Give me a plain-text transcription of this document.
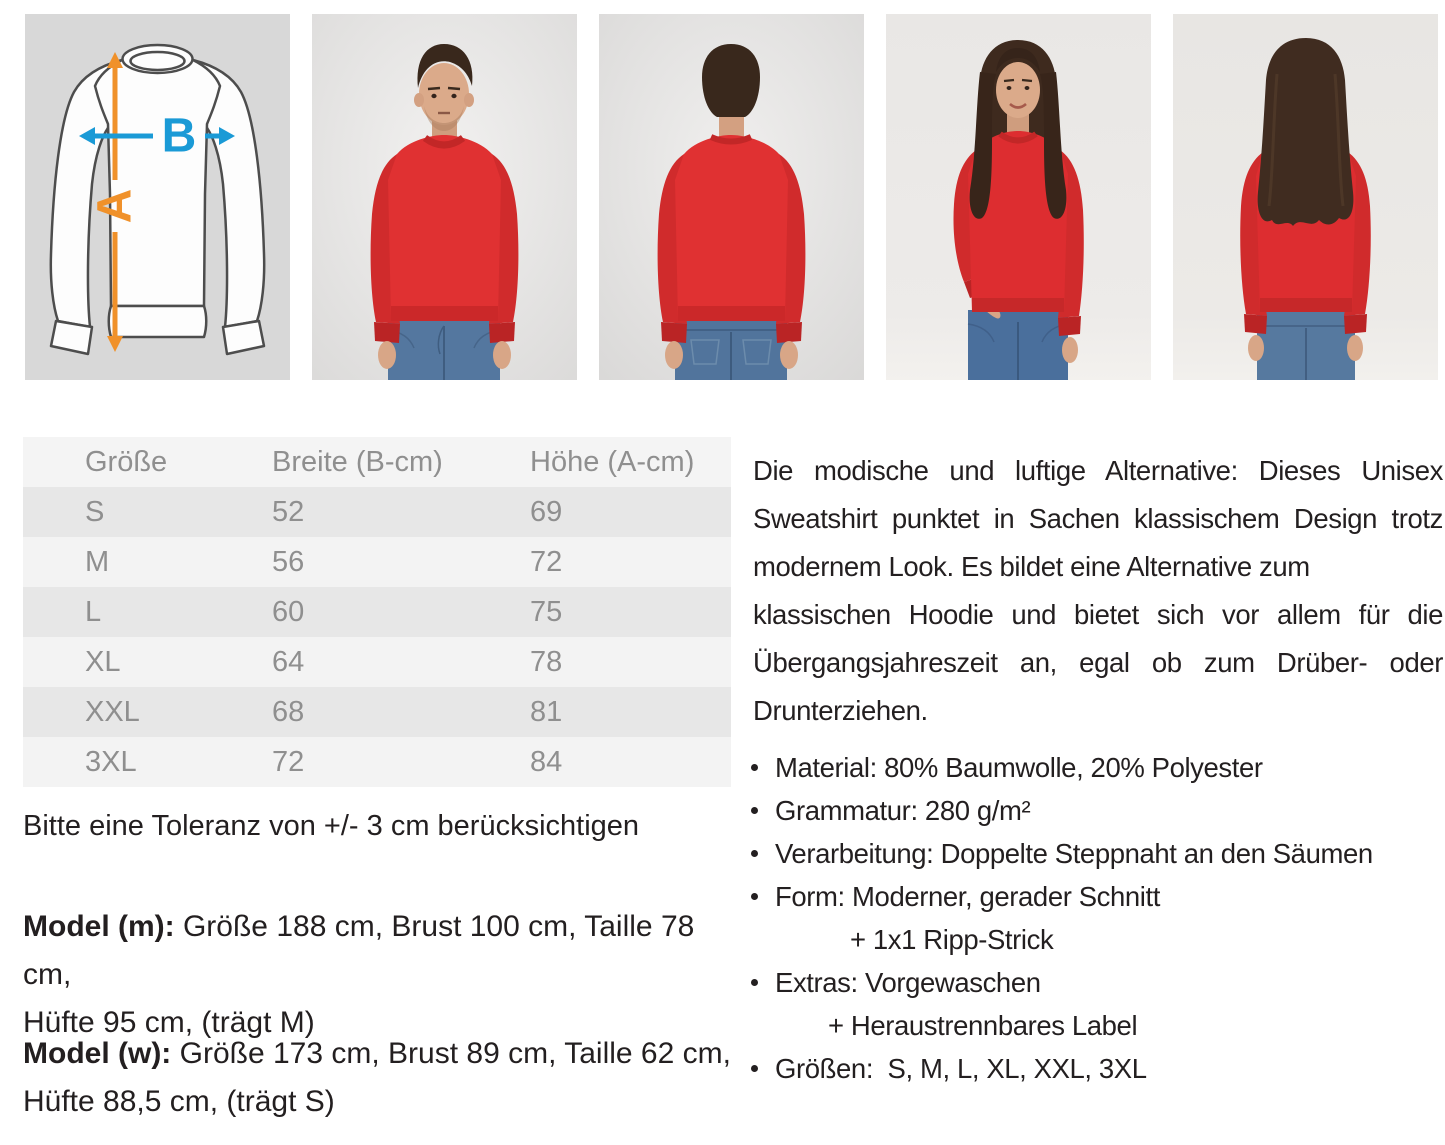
A
B
Größe	Breite (B-cm)	Höhe (A-cm)
S	52	69
M	56	72
L	60	75
XL	64	78
XXL	68	81
3XL	72	84
Bitte eine Toleranz von +/- 3 cm berücksichtigen
Model (m): Größe 188 cm, Brust 100 cm, Taille 78 cm,
Hüfte 95 cm, (trägt M)
Model (w): Größe 173 cm, Brust 89 cm, Taille 62 cm,
Hüfte 88,5 cm, (trägt S)
Die modische und luftige Alternative: Dieses Unisex
Sweatshirt punktet in Sachen klassischem Design trotz
modernem Look. Es bildet eine Alternative zum
klassischen Hoodie und bietet sich vor allem für die
Übergangsjahreszeit an, egal ob zum Drüber- oder
Drunterziehen.
Material: 80% Baumwolle, 20% Polyester
Grammatur: 280 g/m²
Verarbeitung: Doppelte Steppnaht an den Säumen
Form: Moderner, gerader Schnitt
+ 1x1 Ripp-Strick
Extras: Vorgewaschen
+ Heraustrennbares Label
Größen:  S, M, L, XL, XXL, 3XL
